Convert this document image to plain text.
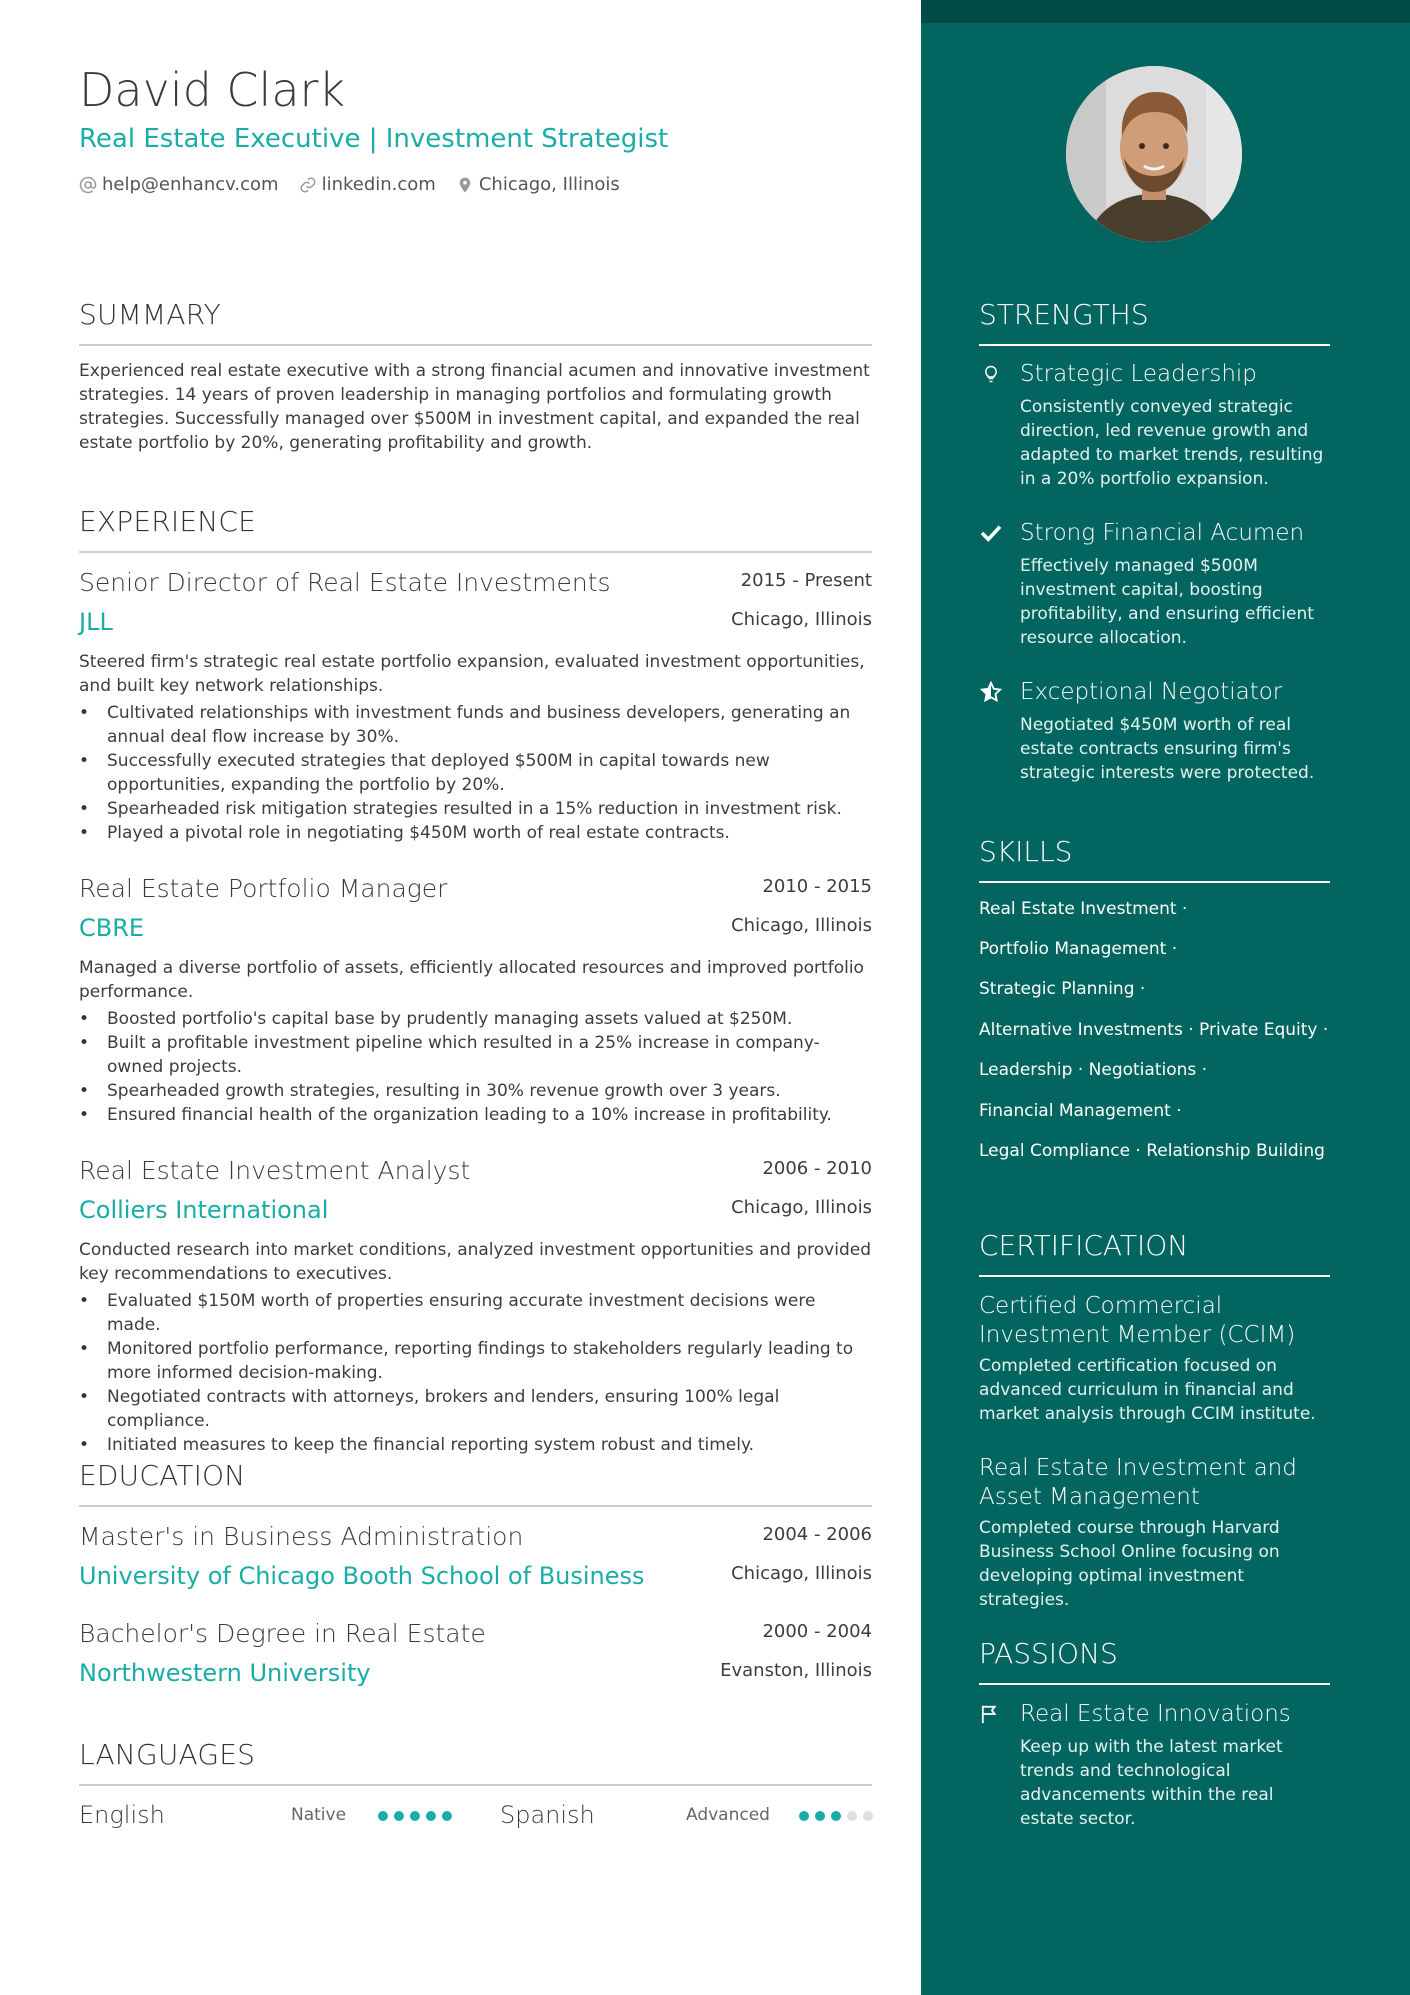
David Clark
Real Estate Executive | Investment Strategist
help@enhancv.com linkedin.com Chicago, Illinois
SUMMARY
Experienced real estate executive with a strong financial acumen and innovative investment strategies. 14 years of proven leadership in managing portfolios and formulating growth strategies. Successfully managed over $500M in investment capital, and expanded the real estate portfolio by 20%, generating profitability and growth.
EXPERIENCE
Senior Director of Real Estate Investments	2015 - Present
JLL	Chicago, Illinois
Steered firm's strategic real estate portfolio expansion, evaluated investment opportunities, and built key network relationships.
• Cultivated relationships with investment funds and business developers, generating an annual deal flow increase by 30%.
• Successfully executed strategies that deployed $500M in capital towards new opportunities, expanding the portfolio by 20%.
• Spearheaded risk mitigation strategies resulted in a 15% reduction in investment risk.
• Played a pivotal role in negotiating $450M worth of real estate contracts.
Real Estate Portfolio Manager	2010 - 2015
CBRE	Chicago, Illinois
Managed a diverse portfolio of assets, efficiently allocated resources and improved portfolio performance.
• Boosted portfolio's capital base by prudently managing assets valued at $250M.
• Built a profitable investment pipeline which resulted in a 25% increase in company-owned projects.
• Spearheaded growth strategies, resulting in 30% revenue growth over 3 years.
• Ensured financial health of the organization leading to a 10% increase in profitability.
Real Estate Investment Analyst	2006 - 2010
Colliers International	Chicago, Illinois
Conducted research into market conditions, analyzed investment opportunities and provided key recommendations to executives.
• Evaluated $150M worth of properties ensuring accurate investment decisions were made.
• Monitored portfolio performance, reporting findings to stakeholders regularly leading to more informed decision-making.
• Negotiated contracts with attorneys, brokers and lenders, ensuring 100% legal compliance.
• Initiated measures to keep the financial reporting system robust and timely.
EDUCATION
Master's in Business Administration	2004 - 2006
University of Chicago Booth School of Business	Chicago, Illinois
Bachelor's Degree in Real Estate	2000 - 2004
Northwestern University	Evanston, Illinois
LANGUAGES
English	Native	Spanish	Advanced
STRENGTHS
Strategic Leadership
Consistently conveyed strategic direction, led revenue growth and adapted to market trends, resulting in a 20% portfolio expansion.
Strong Financial Acumen
Effectively managed $500M investment capital, boosting profitability, and ensuring efficient resource allocation.
Exceptional Negotiator
Negotiated $450M worth of real estate contracts ensuring firm's strategic interests were protected.
SKILLS
Real Estate Investment ·
Portfolio Management ·
Strategic Planning ·
Alternative Investments · Private Equity ·
Leadership · Negotiations ·
Financial Management ·
Legal Compliance · Relationship Building
CERTIFICATION
Certified Commercial Investment Member (CCIM)
Completed certification focused on advanced curriculum in financial and market analysis through CCIM institute.
Real Estate Investment and Asset Management
Completed course through Harvard Business School Online focusing on developing optimal investment strategies.
PASSIONS
Real Estate Innovations
Keep up with the latest market trends and technological advancements within the real estate sector.
